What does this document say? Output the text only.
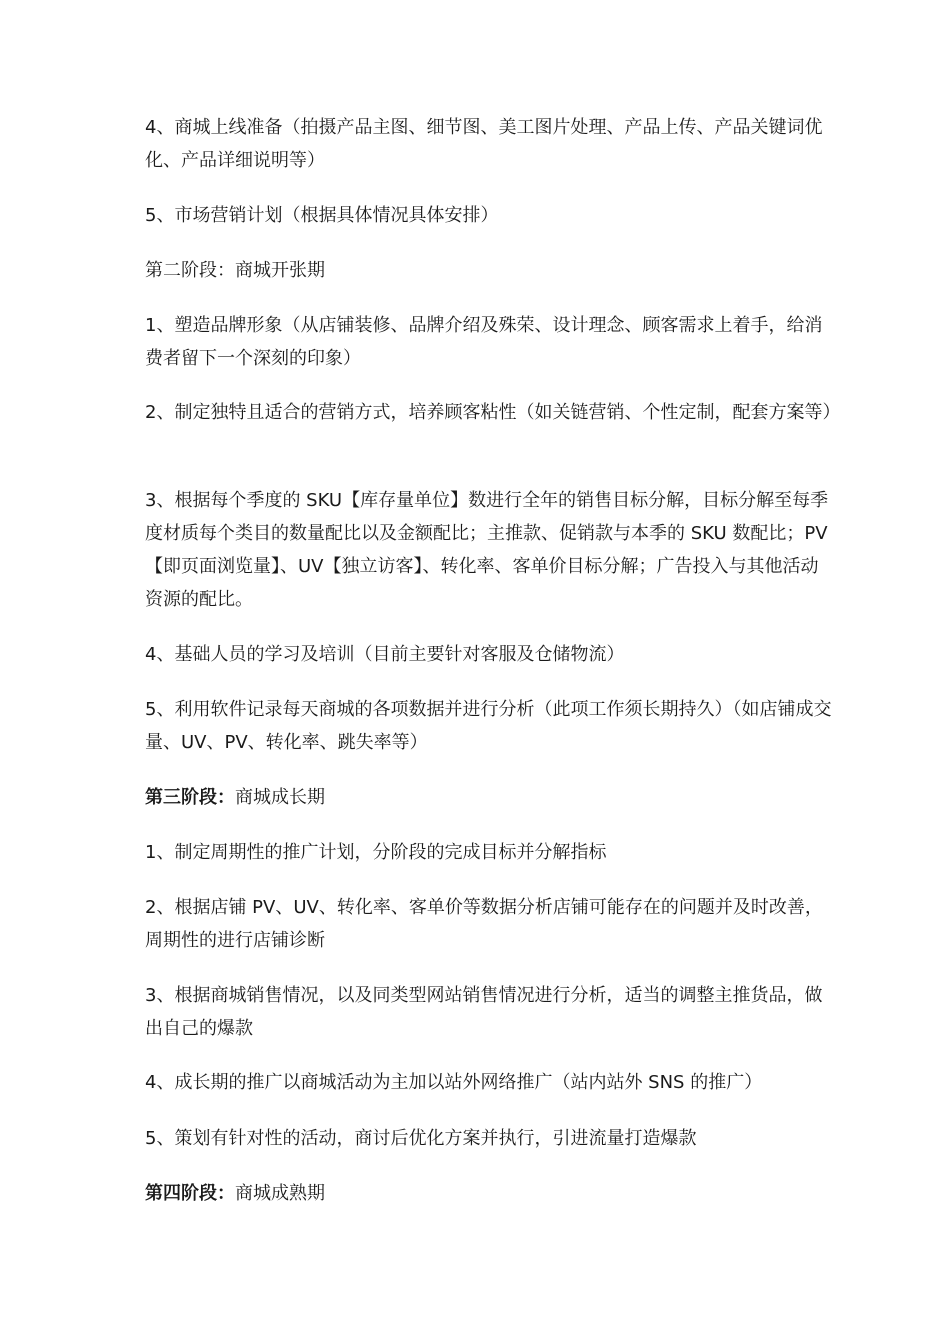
4、商城上线准备（拍摄产品主图、细节图、美工图片处理、产品上传、产品关键词优化、产品详细说明等）

5、市场营销计划（根据具体情况具体安排）

第二阶段：商城开张期

1、塑造品牌形象（从店铺装修、品牌介绍及殊荣、设计理念、顾客需求上着手，给消费者留下一个深刻的印象）

2、制定独特且适合的营销方式，培养顾客粘性（如关链营销、个性定制，配套方案等）

3、根据每个季度的 SKU【库存量单位】数进行全年的销售目标分解，目标分解至每季度材质每个类目的数量配比以及金额配比；主推款、促销款与本季的 SKU 数配比；PV【即页面浏览量】、UV【独立访客】、转化率、客单价目标分解；广告投入与其他活动资源的配比。

4、基础人员的学习及培训（目前主要针对客服及仓储物流）

5、利用软件记录每天商城的各项数据并进行分析（此项工作须长期持久）（如店铺成交量、UV、PV、转化率、跳失率等）

第三阶段：商城成长期

1、制定周期性的推广计划，分阶段的完成目标并分解指标

2、根据店铺 PV、UV、转化率、客单价等数据分析店铺可能存在的问题并及时改善，周期性的进行店铺诊断

3、根据商城销售情况，以及同类型网站销售情况进行分析，适当的调整主推货品，做出自己的爆款

4、成长期的推广以商城活动为主加以站外网络推广（站内站外 SNS 的推广）

5、策划有针对性的活动，商讨后优化方案并执行，引进流量打造爆款

第四阶段：商城成熟期
